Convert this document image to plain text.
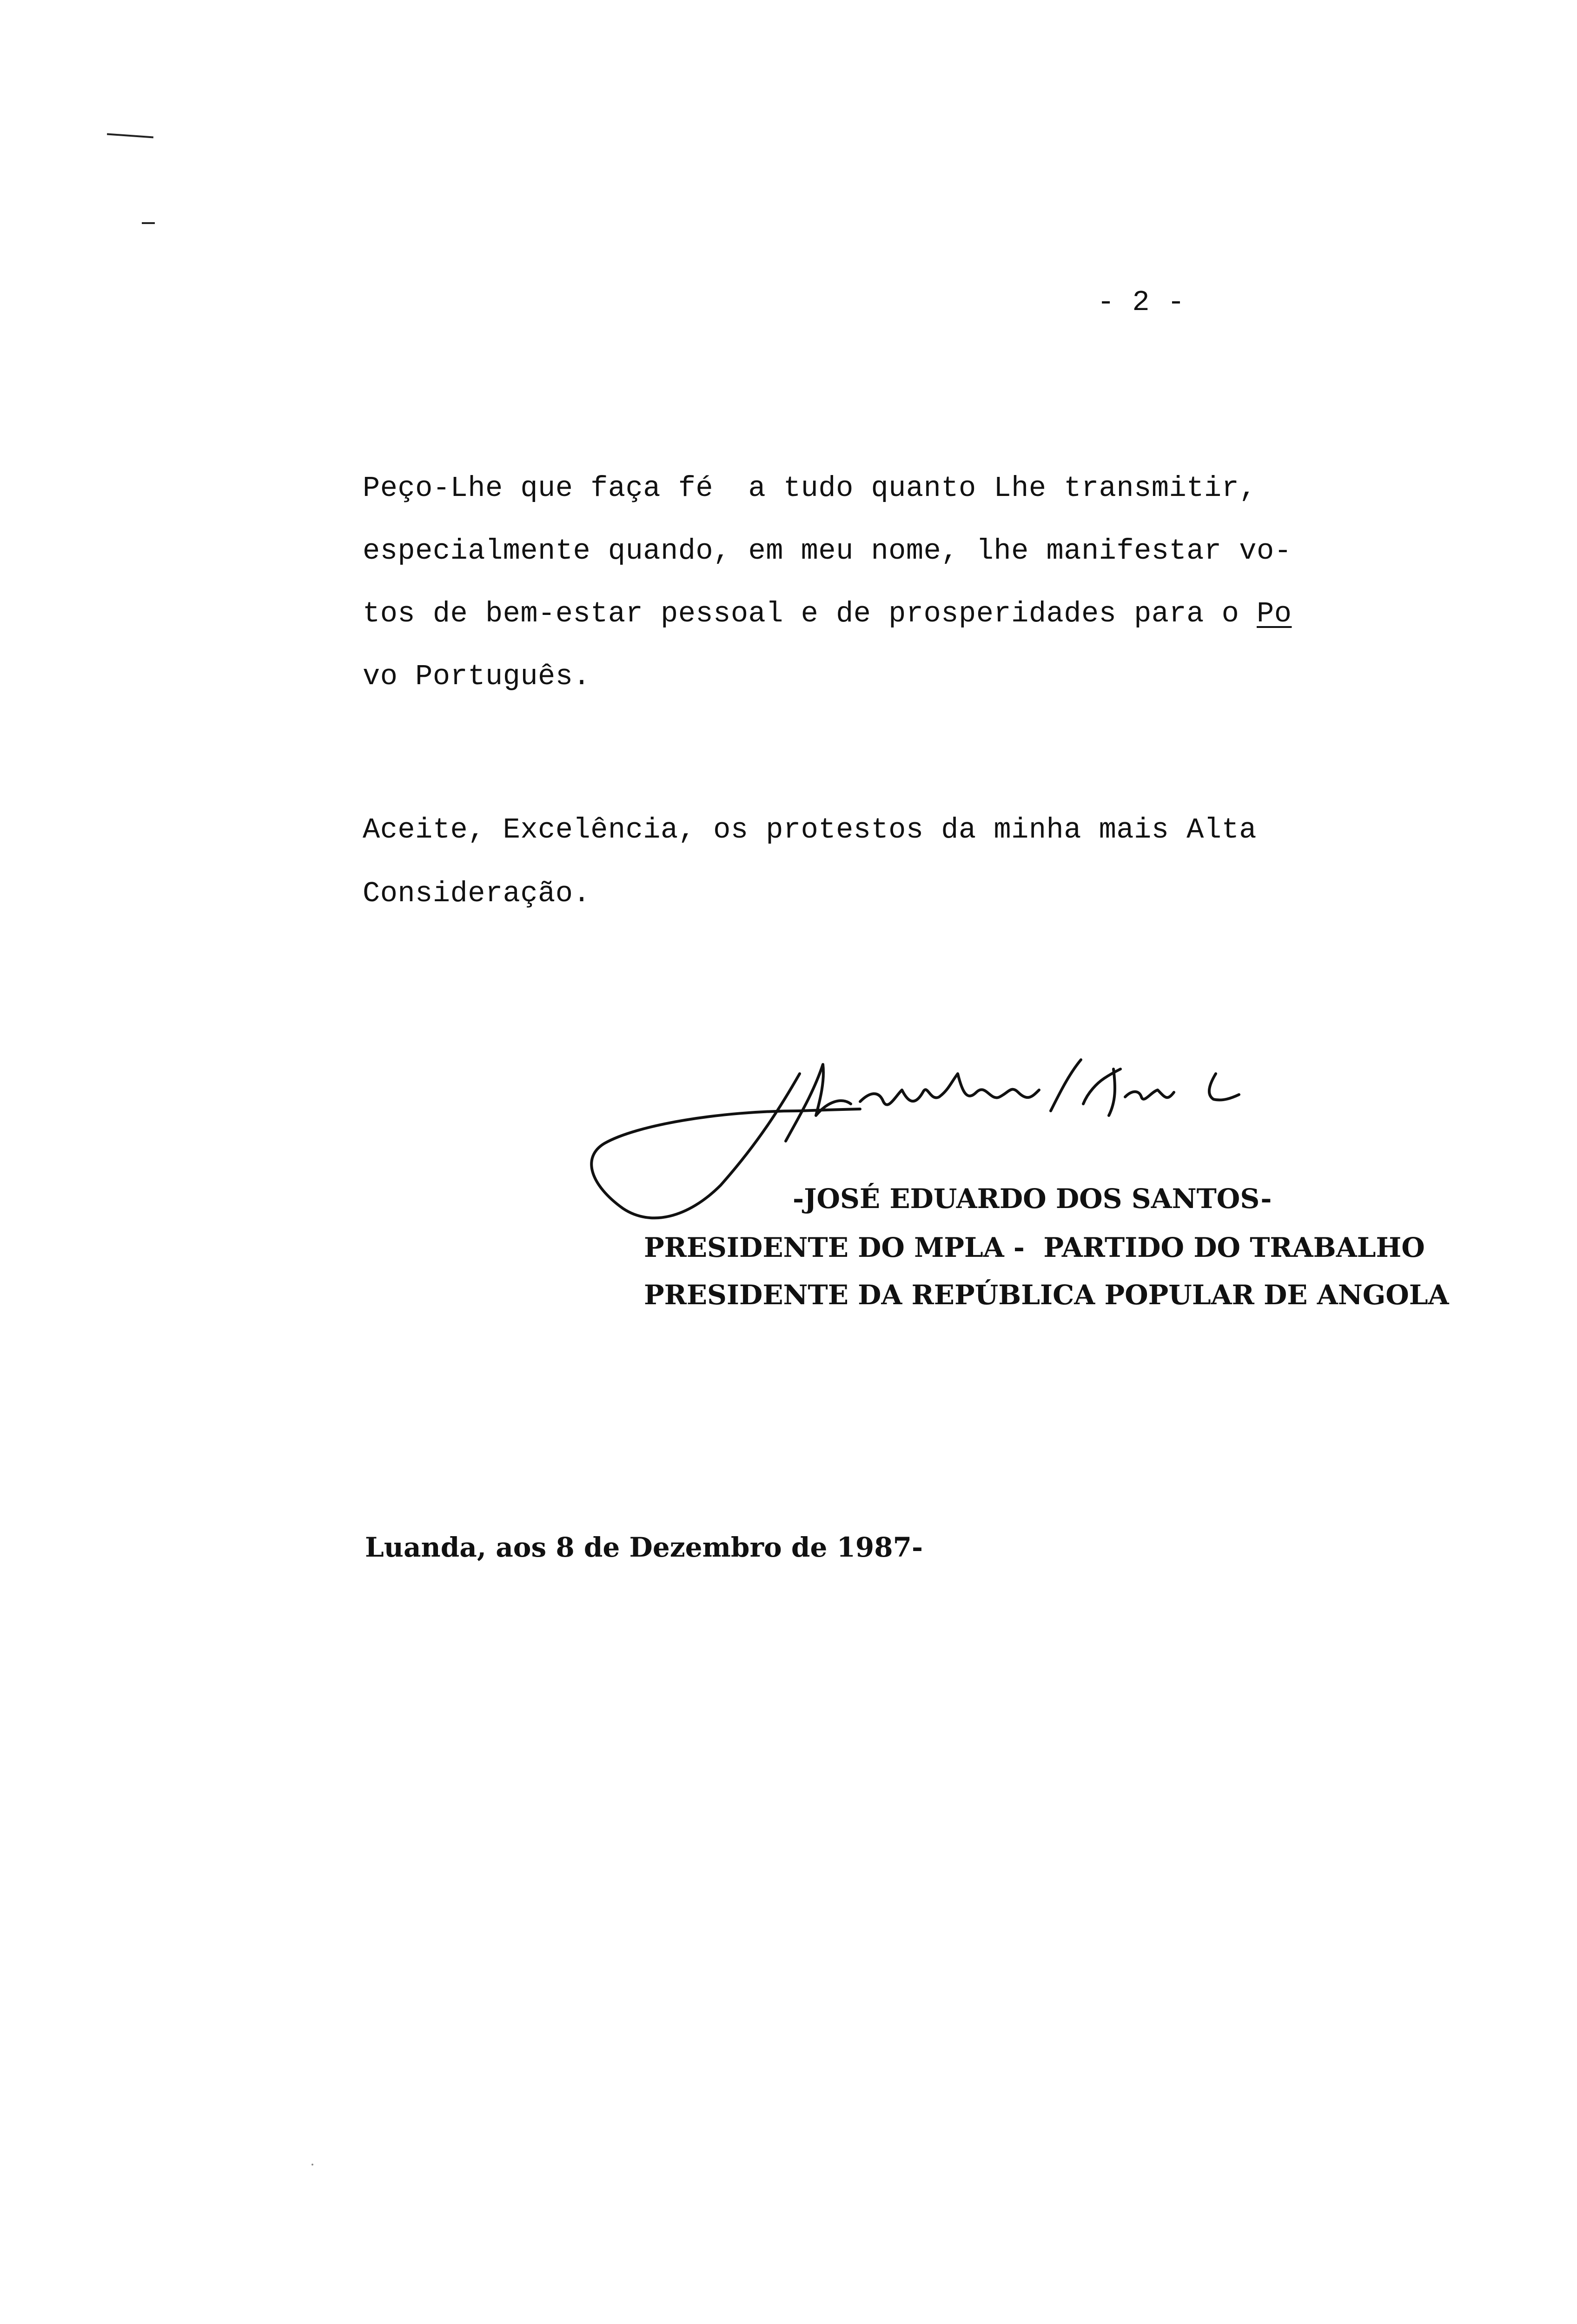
- 2 -

Peço-Lhe que faça fé  a tudo quanto Lhe transmitir,

especialmente quando, em meu nome, lhe manifestar vo-

tos de bem-estar pessoal e de prosperidades para o Po

vo Português.

Aceite, Excelência, os protestos da minha mais Alta

Consideração.

-JOSÉ EDUARDO DOS SANTOS-

PRESIDENTE DO MPLA -  PARTIDO DO TRABALHO

PRESIDENTE DA REPÚBLICA POPULAR DE ANGOLA

Luanda, aos 8 de Dezembro de 1987-
